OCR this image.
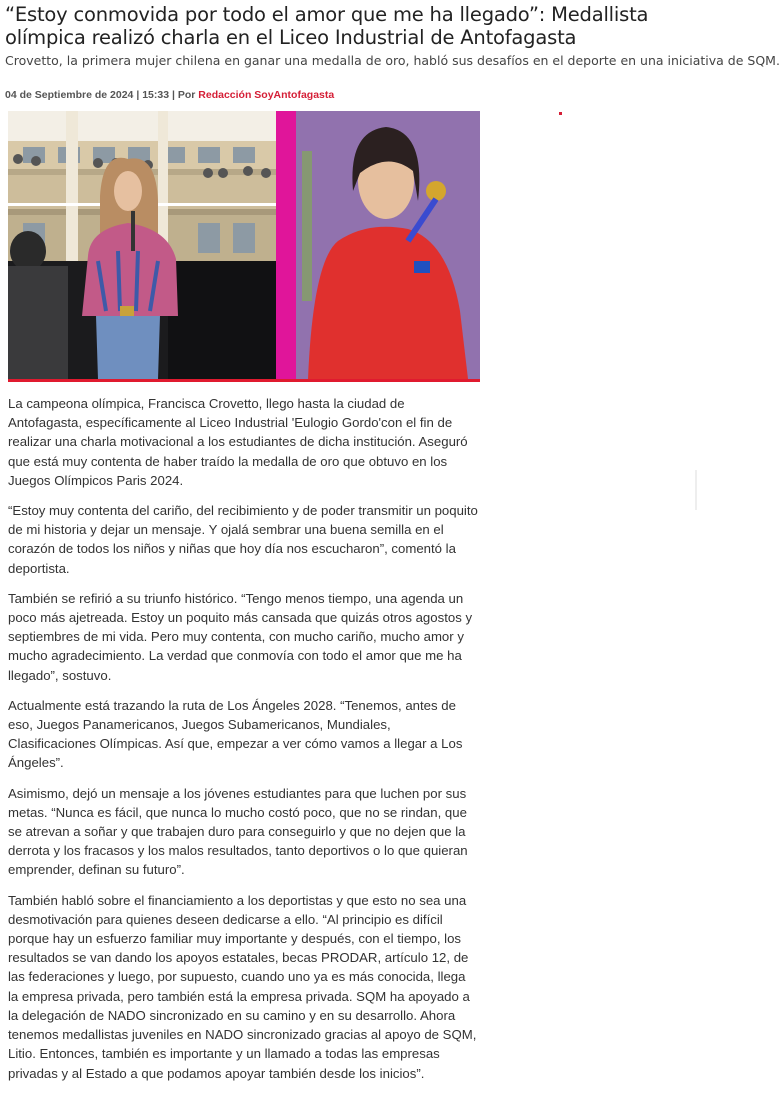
“Estoy conmovida por todo el amor que me ha llegado”: Medallista olímpica realizó charla en el Liceo Industrial de Antofagasta

Crovetto, la primera mujer chilena en ganar una medalla de oro, habló sus desafíos en el deporte en una iniciativa de SQM.

04 de Septiembre de 2024 | 15:33 | Por Redacción SoyAntofagasta

La campeona olímpica, Francisca Crovetto, llego hasta la ciudad de Antofagasta, específicamente al Liceo Industrial 'Eulogio Gordo'con el fin de realizar una charla motivacional a los estudiantes de dicha institución. Aseguró que está muy contenta de haber traído la medalla de oro que obtuvo en los Juegos Olímpicos Paris 2024.

“Estoy muy contenta del cariño, del recibimiento y de poder transmitir un poquito de mi historia y dejar un mensaje. Y ojalá sembrar una buena semilla en el corazón de todos los niños y niñas que hoy día nos escucharon”, comentó la deportista.

También se refirió a su triunfo histórico. “Tengo menos tiempo, una agenda un poco más ajetreada. Estoy un poquito más cansada que quizás otros agostos y septiembres de mi vida. Pero muy contenta, con mucho cariño, mucho amor y mucho agradecimiento. La verdad que conmovía con todo el amor que me ha llegado”, sostuvo.

Actualmente está trazando la ruta de Los Ángeles 2028. “Tenemos, antes de eso, Juegos Panamericanos, Juegos Subamericanos, Mundiales, Clasificaciones Olímpicas. Así que, empezar a ver cómo vamos a llegar a Los Ángeles”.

Asimismo, dejó un mensaje a los jóvenes estudiantes para que luchen por sus metas. “Nunca es fácil, que nunca lo mucho costó poco, que no se rindan, que se atrevan a soñar y que trabajen duro para conseguirlo y que no dejen que la derrota y los fracasos y los malos resultados, tanto deportivos o lo que quieran emprender, definan su futuro”.

También habló sobre el financiamiento a los deportistas y que esto no sea una desmotivación para quienes deseen dedicarse a ello. “Al principio es difícil porque hay un esfuerzo familiar muy importante y después, con el tiempo, los resultados se van dando los apoyos estatales, becas PRODAR, artículo 12, de las federaciones y luego, por supuesto, cuando uno ya es más conocida, llega la empresa privada, pero también está la empresa privada. SQM ha apoyado a la delegación de NADO sincronizado en su camino y en su desarrollo. Ahora tenemos medallistas juveniles en NADO sincronizado gracias al apoyo de SQM, Litio. Entonces, también es importante y un llamado a todas las empresas privadas y al Estado a que podamos apoyar también desde los inicios”.
